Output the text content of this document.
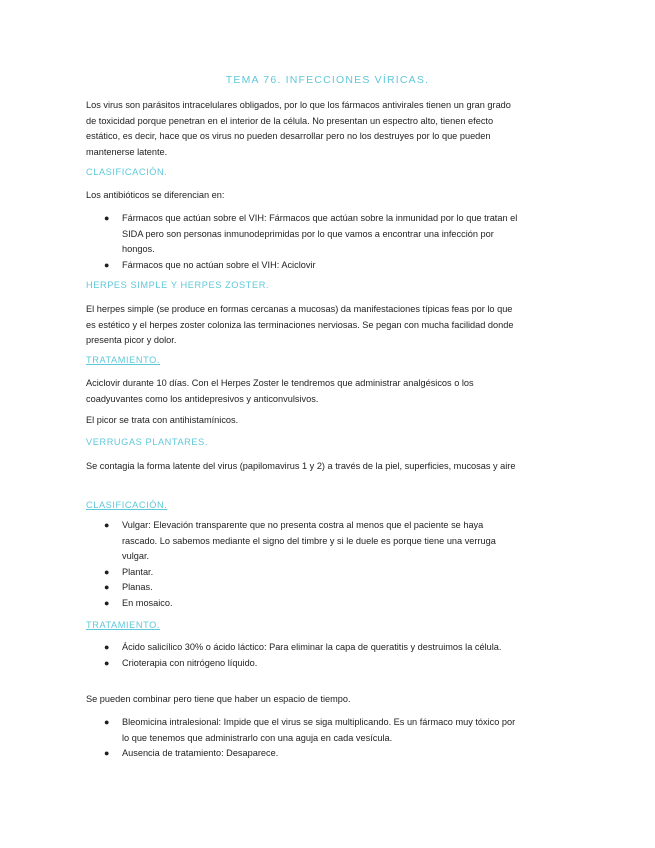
TEMA 76. INFECCIONES VÍRICAS.
Los virus son parásitos intracelulares obligados, por lo que los fármacos antivirales tienen un gran grado de toxicidad porque penetran en el interior de la célula. No presentan un espectro alto, tienen efecto estático, es decir, hace que os virus no pueden desarrollar pero no los destruyes por lo que pueden mantenerse latente.
CLASIFICACIÓN.
Los antibióticos se diferencian en:
● Fármacos que actúan sobre el VIH: Fármacos que actúan sobre la inmunidad por lo que tratan el SIDA pero son personas inmunodeprimidas por lo que vamos a encontrar una infección por hongos.
● Fármacos que no actúan sobre el VIH: Aciclovir
HERPES SIMPLE Y HERPES ZOSTER.
El herpes simple (se produce en formas cercanas a mucosas) da manifestaciones típicas feas por lo que es estético y el herpes zoster coloniza las terminaciones nerviosas. Se pegan con mucha facilidad donde presenta picor y dolor.
TRATAMIENTO.
Aciclovir durante 10 días. Con el Herpes Zoster le tendremos que administrar analgésicos o los coadyuvantes como los antidepresivos y anticonvulsivos.
El picor se trata con antihistamínicos.
VERRUGAS PLANTARES.
Se contagia la forma latente del virus (papilomavirus 1 y 2) a través de la piel, superficies, mucosas y aire
CLASIFICACIÓN.
● Vulgar: Elevación transparente que no presenta costra al menos que el paciente se haya rascado. Lo sabemos mediante el signo del timbre y si le duele es porque tiene una verruga vulgar.
● Plantar.
● Planas.
● En mosaico.
TRATAMIENTO.
● Ácido salicílico 30% o ácido láctico: Para eliminar la capa de queratitis y destruimos la célula.
● Crioterapia con nitrógeno líquido.
Se pueden combinar pero tiene que haber un espacio de tiempo.
● Bleomicina intralesional: Impide que el virus se siga multiplicando. Es un fármaco muy tóxico por lo que tenemos que administrarlo con una aguja en cada vesícula.
● Ausencia de tratamiento: Desaparece.
